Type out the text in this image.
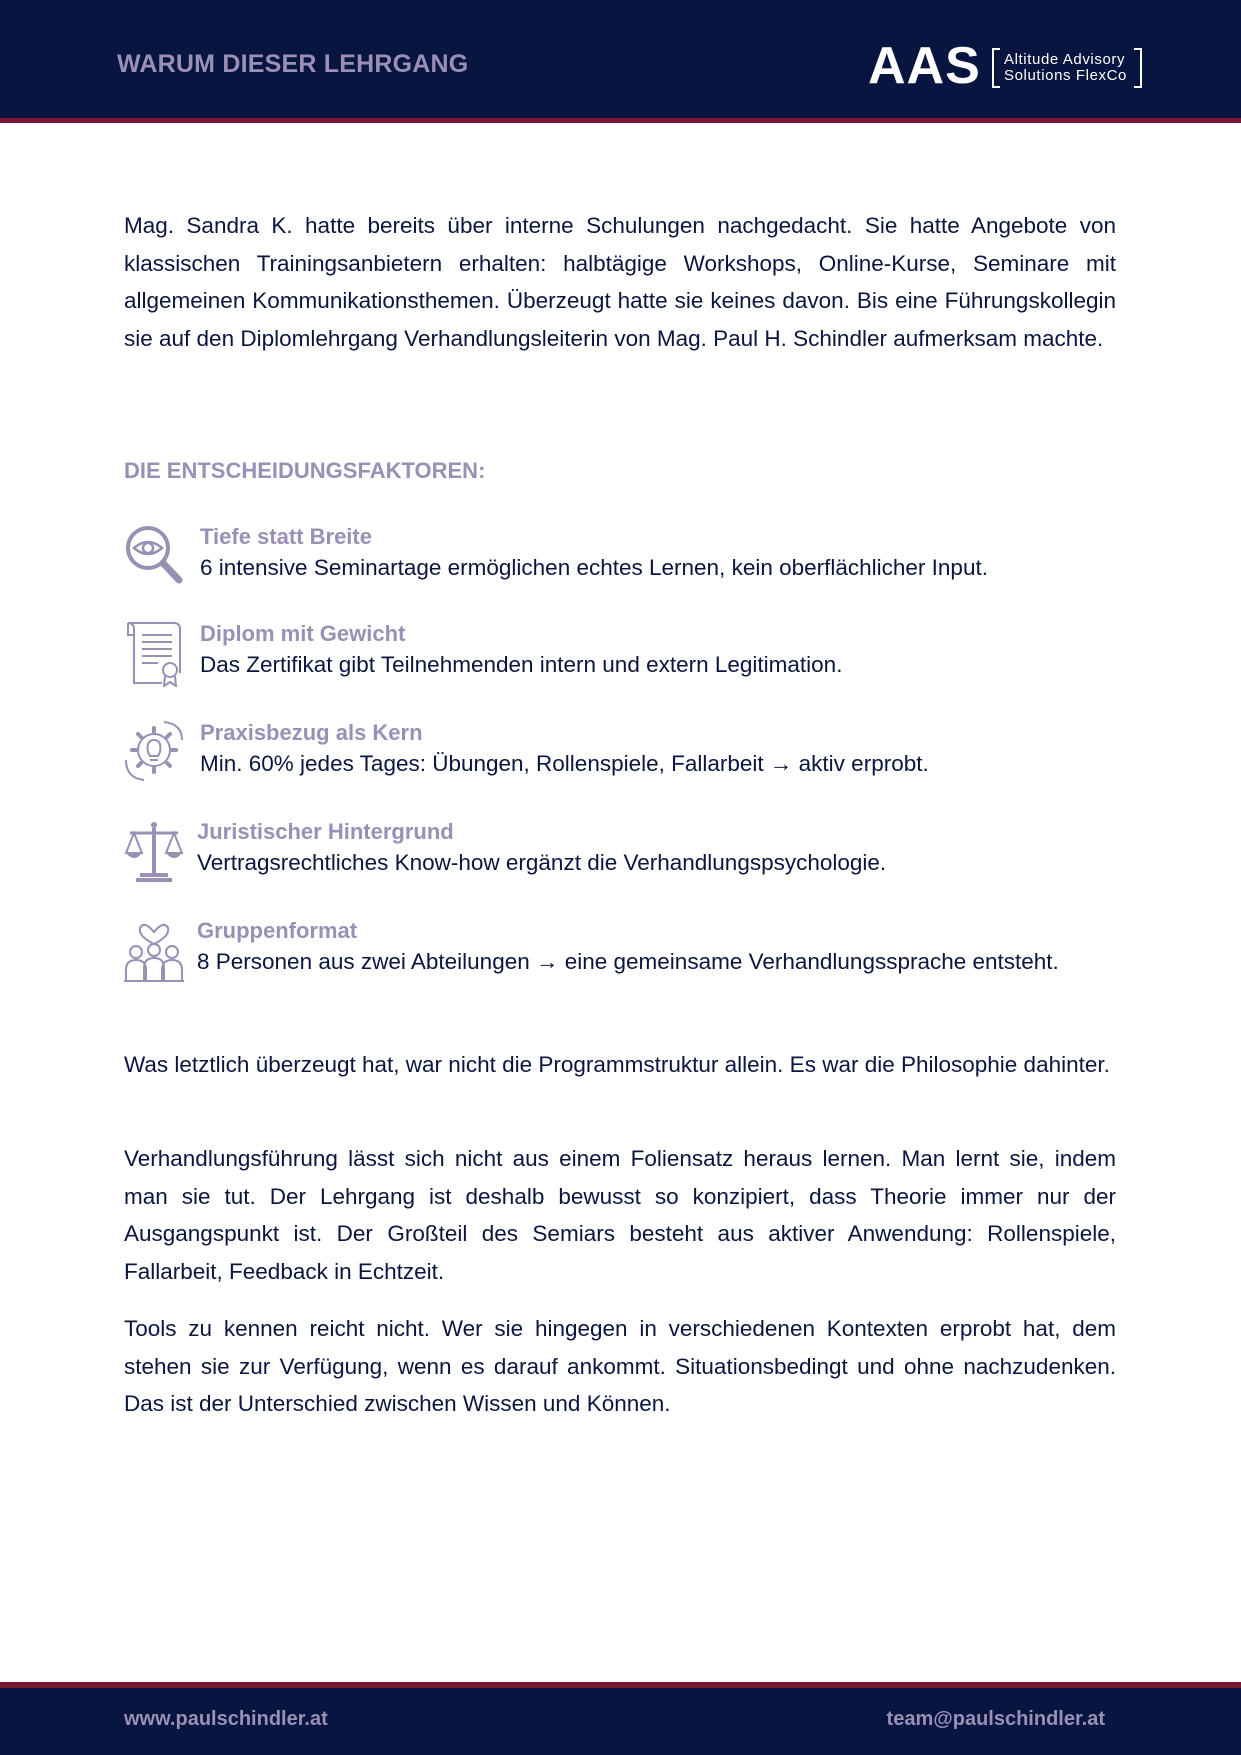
WARUM DIESER LEHRGANG	AAS Altitude Advisory
Solutions FlexCo
Mag. Sandra K. hatte bereits über interne Schulungen nachgedacht. Sie hatte Angebote von klassischen Trainingsanbietern erhalten: halbtägige Workshops, Online-Kurse, Seminare mit allgemeinen Kommunikationsthemen. Überzeugt hatte sie keines davon. Bis eine Führungskollegin sie auf den Diplomlehrgang Verhandlungsleiterin von Mag. Paul H. Schindler aufmerksam machte.
DIE ENTSCHEIDUNGSFAKTOREN:
Tiefe statt Breite
6 intensive Seminartage ermöglichen echtes Lernen, kein oberflächlicher Input.
Diplom mit Gewicht
Das Zertifikat gibt Teilnehmenden intern und extern Legitimation.
Praxisbezug als Kern
Min. 60% jedes Tages: Übungen, Rollenspiele, Fallarbeit → aktiv erprobt.
Juristischer Hintergrund
Vertragsrechtliches Know-how ergänzt die Verhandlungspsychologie.
Gruppenformat
8 Personen aus zwei Abteilungen → eine gemeinsame Verhandlungssprache entsteht.
Was letztlich überzeugt hat, war nicht die Programmstruktur allein. Es war die Philosophie dahinter.
Verhandlungsführung lässt sich nicht aus einem Foliensatz heraus lernen. Man lernt sie, indem man sie tut. Der Lehrgang ist deshalb bewusst so konzipiert, dass Theorie immer nur der Ausgangspunkt ist. Der Großteil des Semiars besteht aus aktiver Anwendung: Rollenspiele, Fallarbeit, Feedback in Echtzeit.
Tools zu kennen reicht nicht. Wer sie hingegen in verschiedenen Kontexten erprobt hat, dem stehen sie zur Verfügung, wenn es darauf ankommt. Situationsbedingt und ohne nachzudenken. Das ist der Unterschied zwischen Wissen und Können.
www.paulschindler.at	team@paulschindler.at
